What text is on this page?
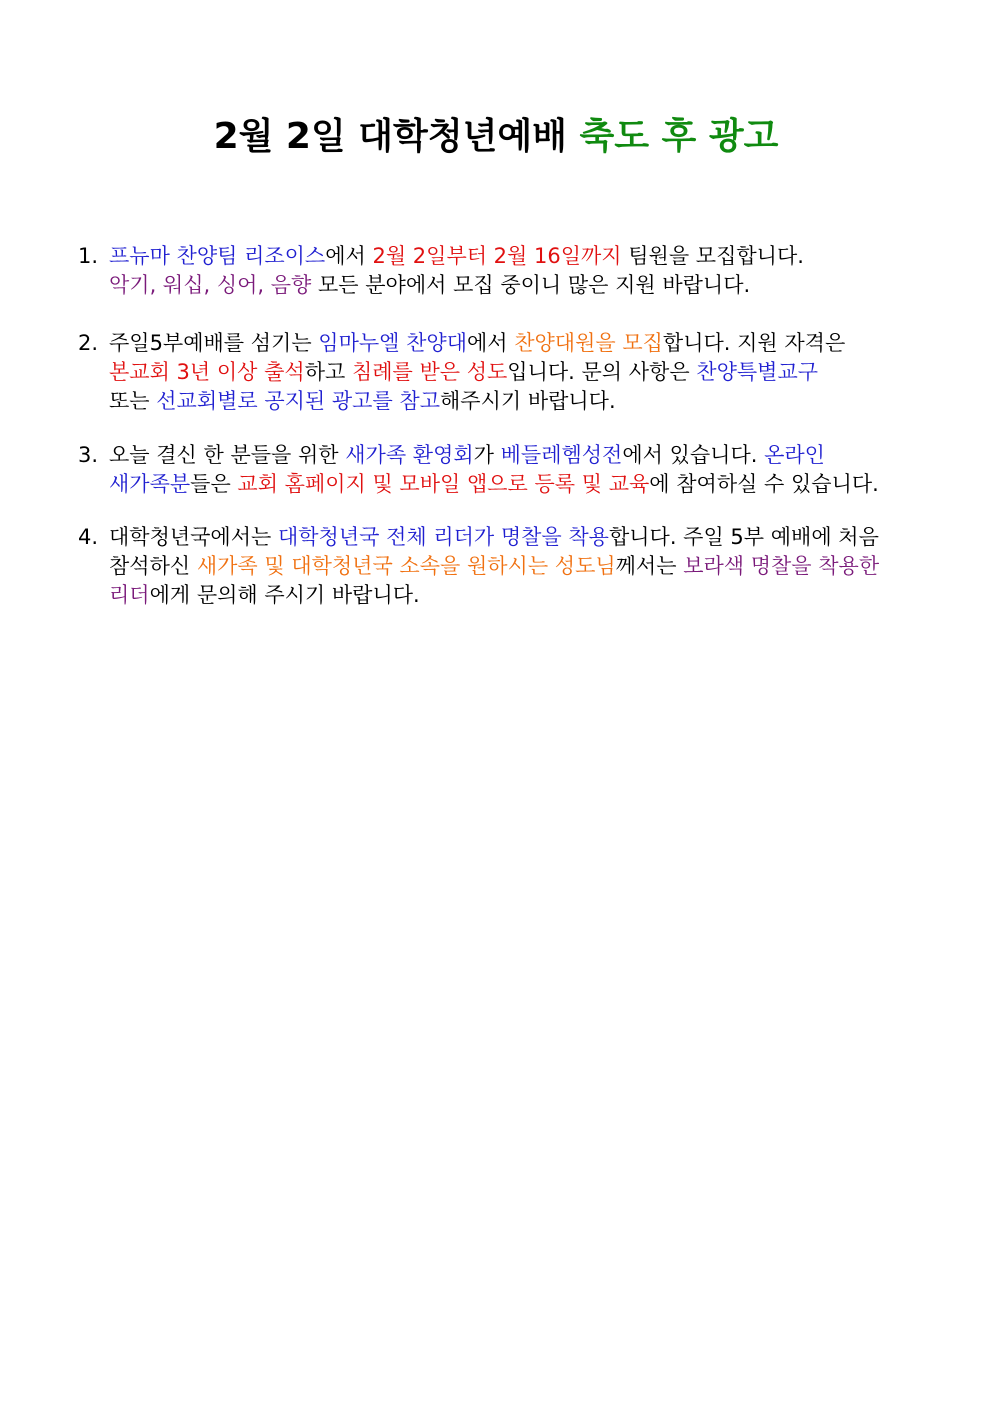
2월 2일 대학청년예배 축도 후 광고
1. 프뉴마 찬양팀 리조이스에서 2월 2일부터 2월 16일까지 팀원을 모집합니다.
악기, 워십, 싱어, 음향 모든 분야에서 모집 중이니 많은 지원 바랍니다.
2. 주일5부예배를 섬기는 임마누엘 찬양대에서 찬양대원을 모집합니다. 지원 자격은
본교회 3년 이상 출석하고 침례를 받은 성도입니다. 문의 사항은 찬양특별교구
또는 선교회별로 공지된 광고를 참고해주시기 바랍니다.
3. 오늘 결신 한 분들을 위한 새가족 환영회가 베들레헴성전에서 있습니다. 온라인
새가족분들은 교회 홈페이지 및 모바일 앱으로 등록 및 교육에 참여하실 수 있습니다.
4. 대학청년국에서는 대학청년국 전체 리더가 명찰을 착용합니다. 주일 5부 예배에 처음
참석하신 새가족 및 대학청년국 소속을 원하시는 성도님께서는 보라색 명찰을 착용한
리더에게 문의해 주시기 바랍니다.
